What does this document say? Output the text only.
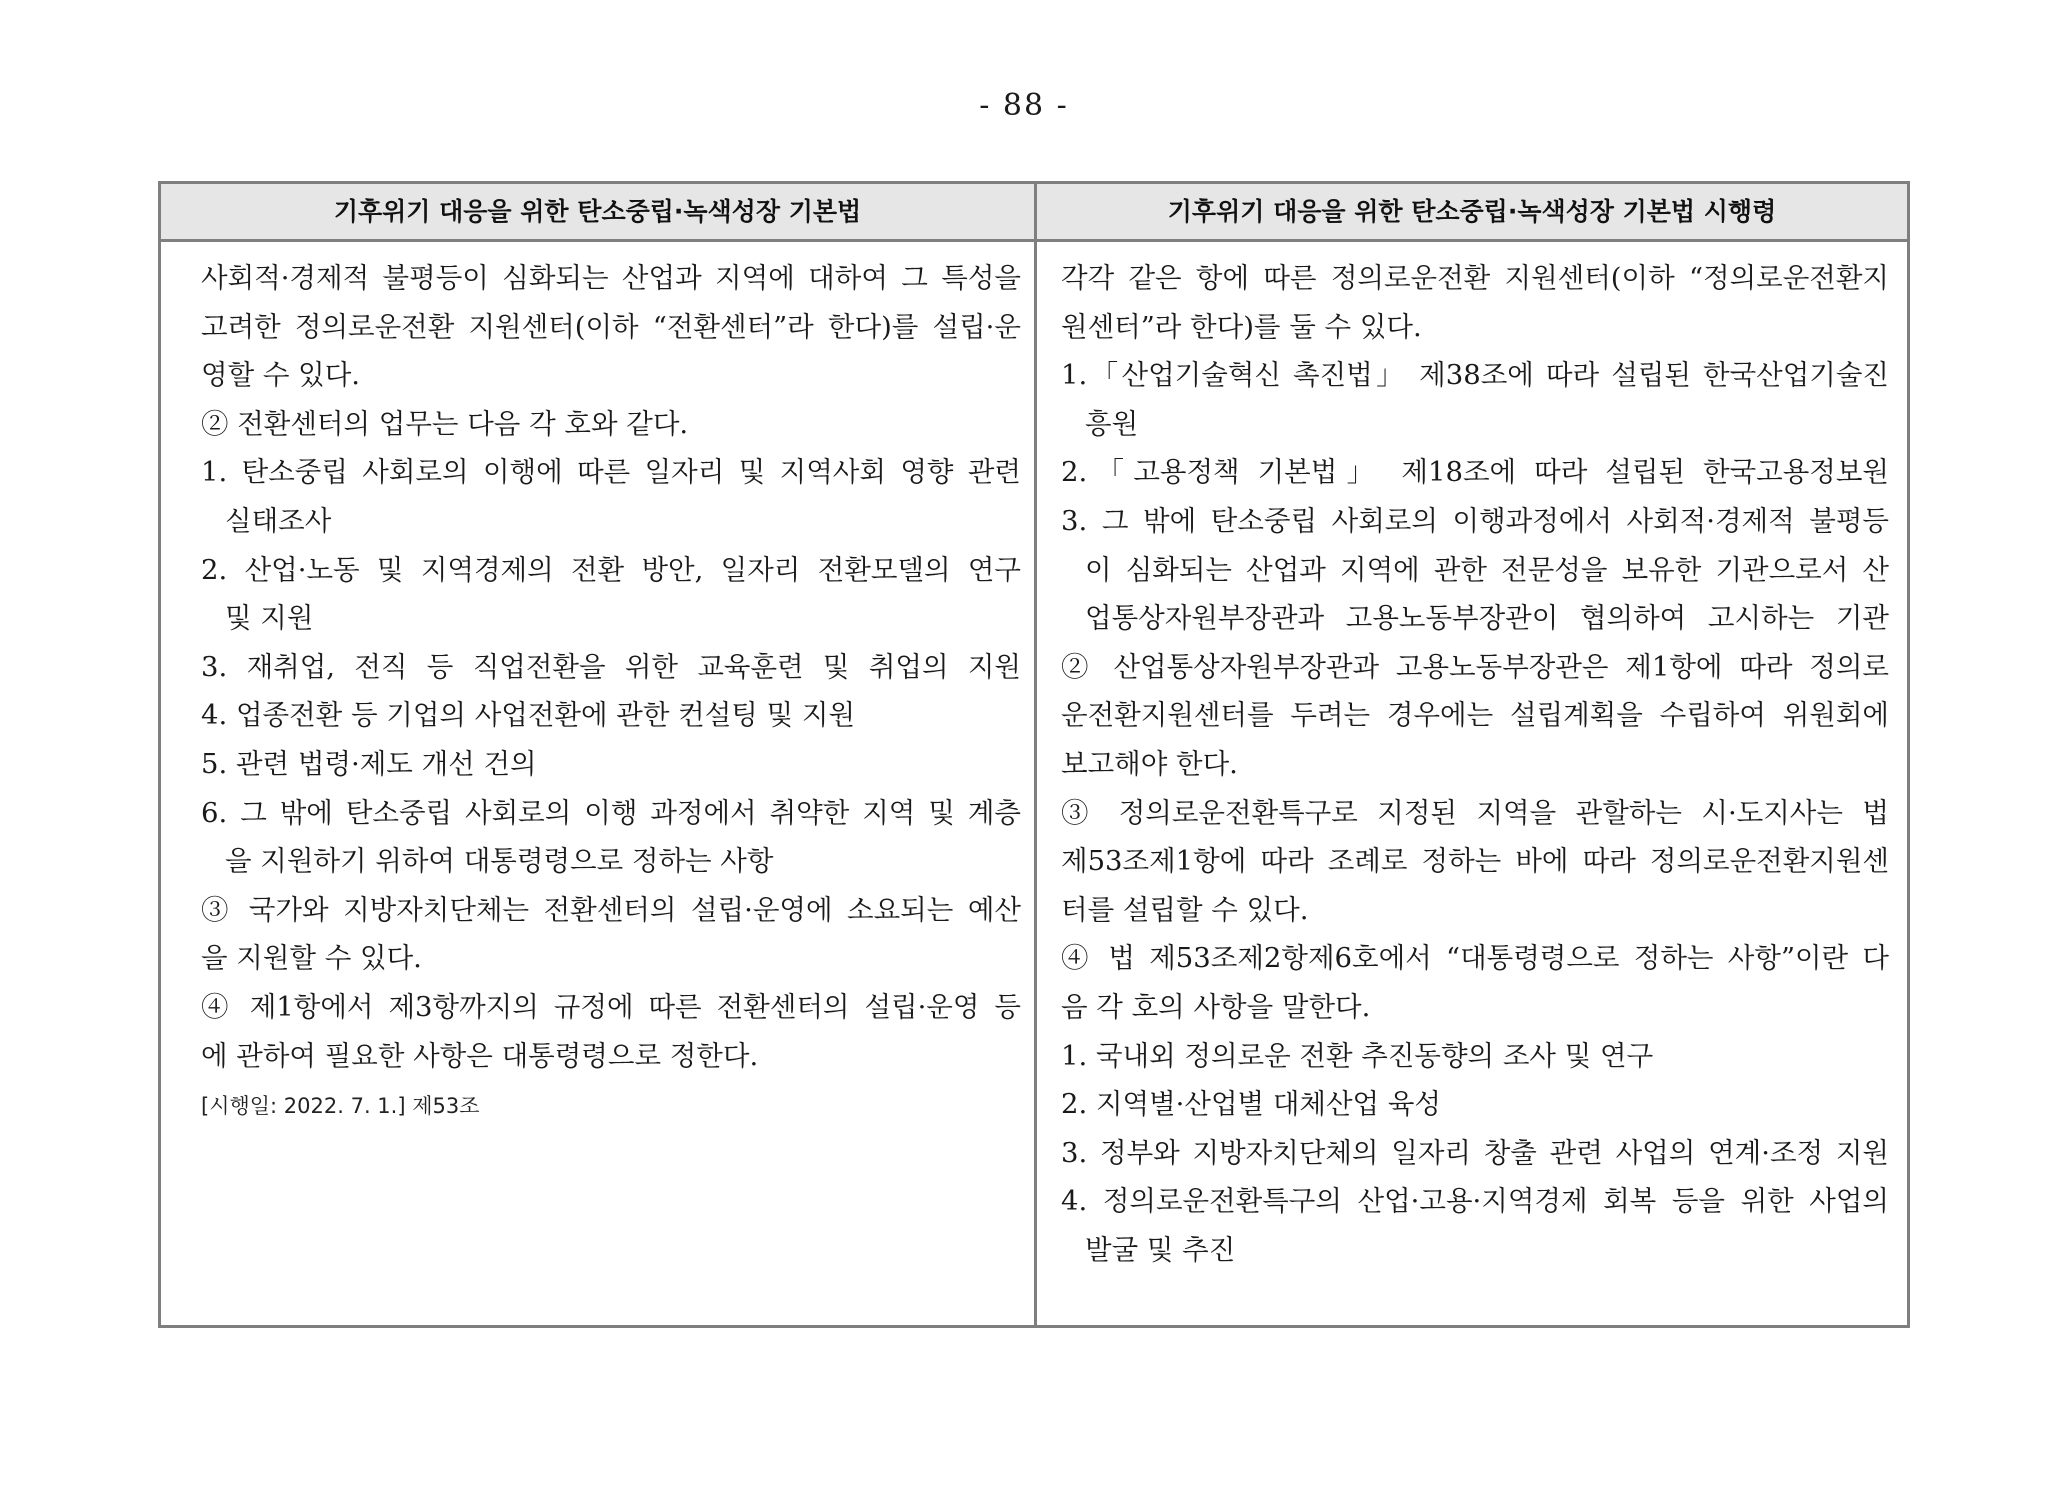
- 88 -
기후위기 대응을 위한 탄소중립·녹색성장 기본법	기후위기 대응을 위한 탄소중립·녹색성장 기본법 시행령
사회적·경제적 불평등이 심화되는 산업과 지역에 대하여 그 특성을
고려한 정의로운전환 지원센터(이하 “전환센터”라 한다)를 설립·운
영할 수 있다.
② 전환센터의 업무는 다음 각 호와 같다.
1. 탄소중립 사회로의 이행에 따른 일자리 및 지역사회 영향 관련
실태조사
2. 산업·노동 및 지역경제의 전환 방안, 일자리 전환모델의 연구
및 지원
3. 재취업, 전직 등 직업전환을 위한 교육훈련 및 취업의 지원
4. 업종전환 등 기업의 사업전환에 관한 컨설팅 및 지원
5. 관련 법령·제도 개선 건의
6. 그 밖에 탄소중립 사회로의 이행 과정에서 취약한 지역 및 계층
을 지원하기 위하여 대통령령으로 정하는 사항
③ 국가와 지방자치단체는 전환센터의 설립·운영에 소요되는 예산
을 지원할 수 있다.
④ 제1항에서 제3항까지의 규정에 따른 전환센터의 설립·운영 등
에 관하여 필요한 사항은 대통령령으로 정한다.
[시행일: 2022. 7. 1.] 제53조
각각 같은 항에 따른 정의로운전환 지원센터(이하 “정의로운전환지
원센터”라 한다)를 둘 수 있다.
1.「산업기술혁신 촉진법」 제38조에 따라 설립된 한국산업기술진
흥원
2.「고용정책 기본법」 제18조에 따라 설립된 한국고용정보원
3. 그 밖에 탄소중립 사회로의 이행과정에서 사회적·경제적 불평등
이 심화되는 산업과 지역에 관한 전문성을 보유한 기관으로서 산
업통상자원부장관과 고용노동부장관이 협의하여 고시하는 기관
② 산업통상자원부장관과 고용노동부장관은 제1항에 따라 정의로
운전환지원센터를 두려는 경우에는 설립계획을 수립하여 위원회에
보고해야 한다.
③ 정의로운전환특구로 지정된 지역을 관할하는 시·도지사는 법
제53조제1항에 따라 조례로 정하는 바에 따라 정의로운전환지원센
터를 설립할 수 있다.
④ 법 제53조제2항제6호에서 “대통령령으로 정하는 사항”이란 다
음 각 호의 사항을 말한다.
1. 국내외 정의로운 전환 추진동향의 조사 및 연구
2. 지역별·산업별 대체산업 육성
3. 정부와 지방자치단체의 일자리 창출 관련 사업의 연계·조정 지원
4. 정의로운전환특구의 산업·고용·지역경제 회복 등을 위한 사업의
발굴 및 추진
